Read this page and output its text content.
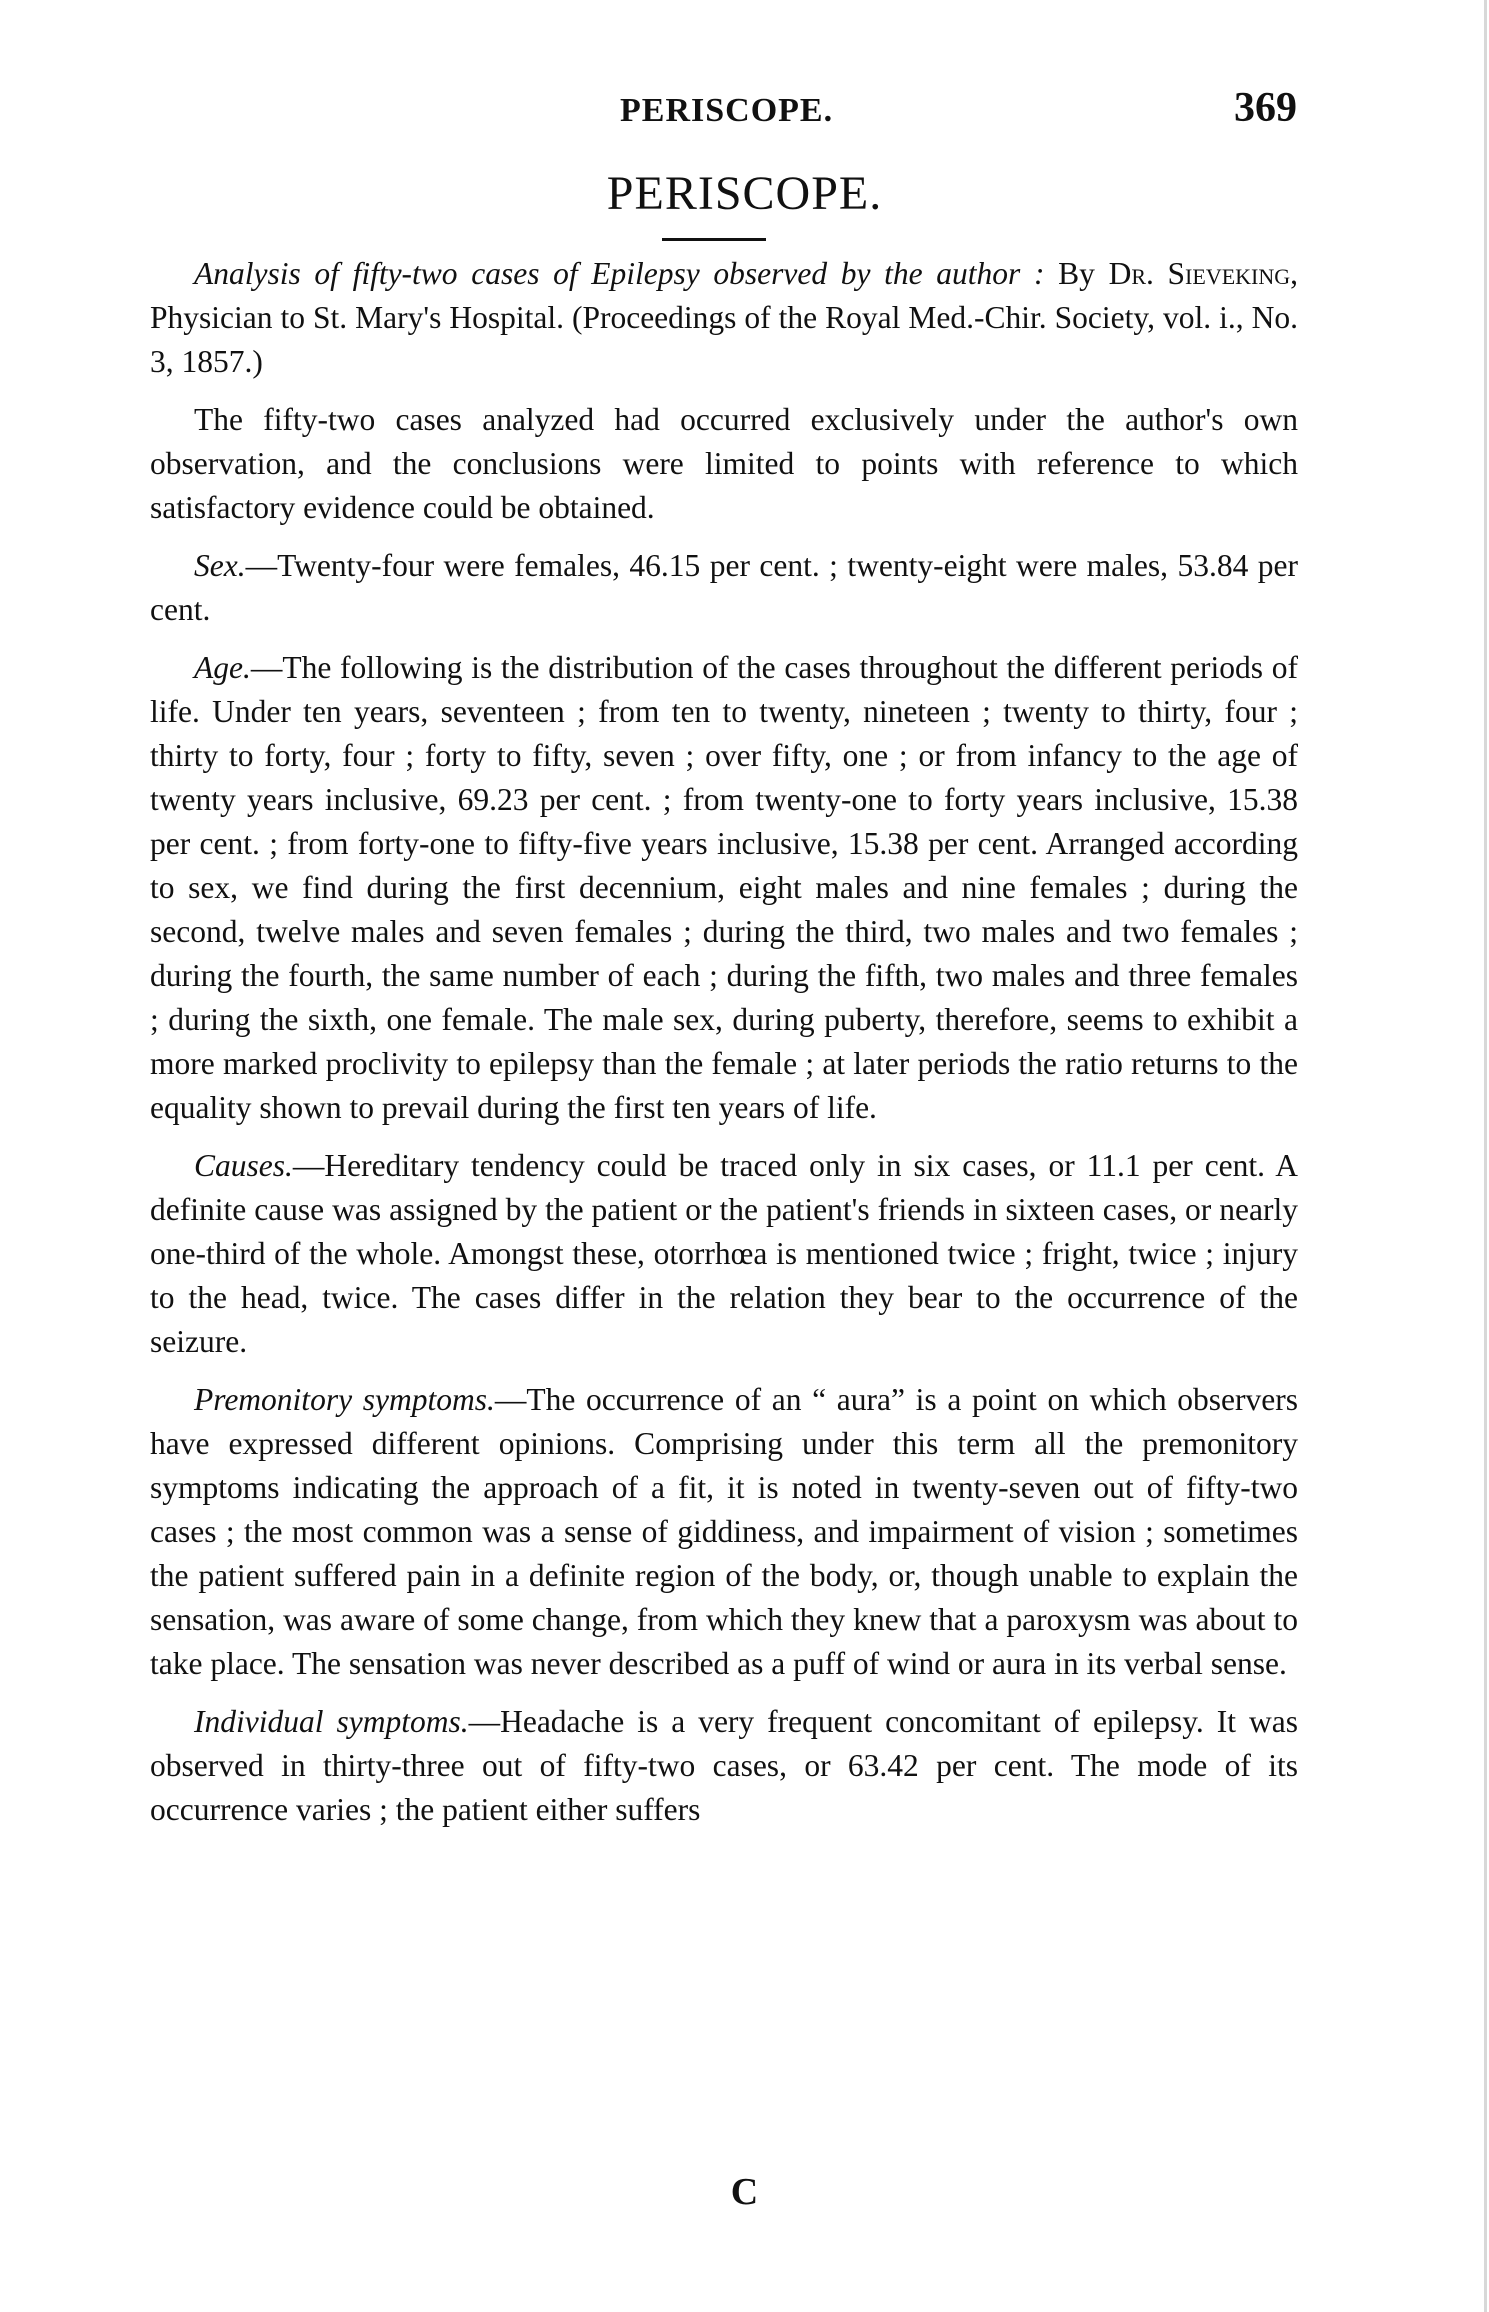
PERISCOPE.	369
PERISCOPE.

Analysis of fifty-two cases of Epilepsy observed by the author : By Dr. Sieveking, Physician to St. Mary's Hospital. (Proceedings of the Royal Med.-Chir. Society, vol. i., No. 3, 1857.)

The fifty-two cases analyzed had occurred exclusively under the author's own observation, and the conclusions were limited to points with reference to which satisfactory evidence could be obtained.

Sex.—Twenty-four were females, 46.15 per cent. ; twenty-eight were males, 53.84 per cent.

Age.—The following is the distribution of the cases throughout the different periods of life. Under ten years, seventeen ; from ten to twenty, nineteen ; twenty to thirty, four ; thirty to forty, four ; forty to fifty, seven ; over fifty, one ; or from infancy to the age of twenty years inclusive, 69.23 per cent. ; from twenty-one to forty years inclusive, 15.38 per cent. ; from forty-one to fifty-five years inclusive, 15.38 per cent. Arranged according to sex, we find during the first decennium, eight males and nine females ; during the second, twelve males and seven females ; during the third, two males and two females ; during the fourth, the same number of each ; during the fifth, two males and three females ; during the sixth, one female. The male sex, during puberty, therefore, seems to exhibit a more marked proclivity to epilepsy than the female ; at later periods the ratio returns to the equality shown to prevail during the first ten years of life.

Causes.—Hereditary tendency could be traced only in six cases, or 11.1 per cent. A definite cause was assigned by the patient or the patient's friends in sixteen cases, or nearly one-third of the whole. Amongst these, otorrhœa is mentioned twice ; fright, twice ; injury to the head, twice. The cases differ in the relation they bear to the occurrence of the seizure.

Premonitory symptoms.—The occurrence of an “ aura” is a point on which observers have expressed different opinions. Comprising under this term all the premonitory symptoms indicating the approach of a fit, it is noted in twenty-seven out of fifty-two cases ; the most common was a sense of giddiness, and impairment of vision ; sometimes the patient suffered pain in a definite region of the body, or, though unable to explain the sensation, was aware of some change, from which they knew that a paroxysm was about to take place. The sensation was never described as a puff of wind or aura in its verbal sense.

Individual symptoms.—Headache is a very frequent concomitant of epilepsy. It was observed in thirty-three out of fifty-two cases, or 63.42 per cent. The mode of its occurrence varies ; the patient either suffers

C
